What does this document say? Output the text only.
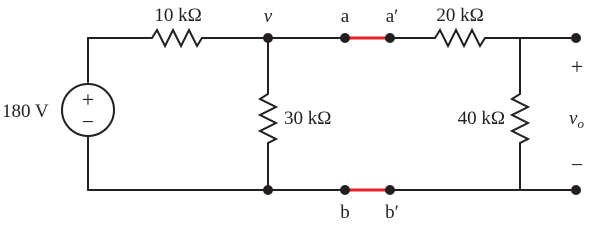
180 V +
−
10 kΩ
30 kΩ
20 kΩ
40 kΩ
v	a a′
b b′
+
$v_o$
−
